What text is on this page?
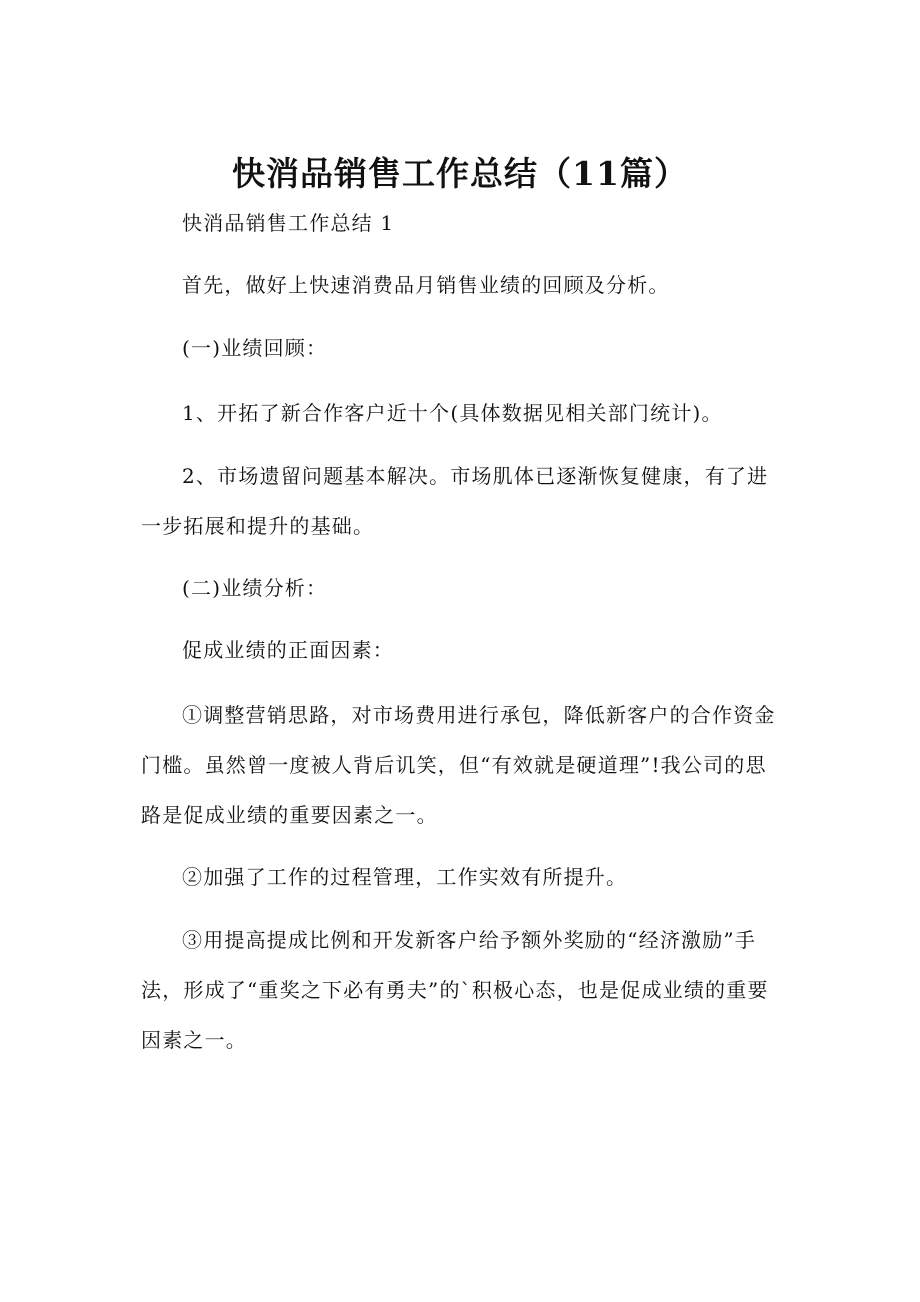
快消品销售工作总结（11篇）

快消品销售工作总结 1

首先，做好上快速消费品月销售业绩的回顾及分析。

(一)业绩回顾：

1、开拓了新合作客户近十个(具体数据见相关部门统计)。

2、市场遗留问题基本解决。市场肌体已逐渐恢复健康，有了进一步拓展和提升的基础。

(二)业绩分析：

促成业绩的正面因素：

①调整营销思路，对市场费用进行承包，降低新客户的合作资金门槛。虽然曾一度被人背后讥笑，但“有效就是硬道理”!我公司的思路是促成业绩的重要因素之一。

②加强了工作的过程管理，工作实效有所提升。

③用提高提成比例和开发新客户给予额外奖励的“经济激励”手法，形成了“重奖之下必有勇夫”的`积极心态，也是促成业绩的重要因素之一。
